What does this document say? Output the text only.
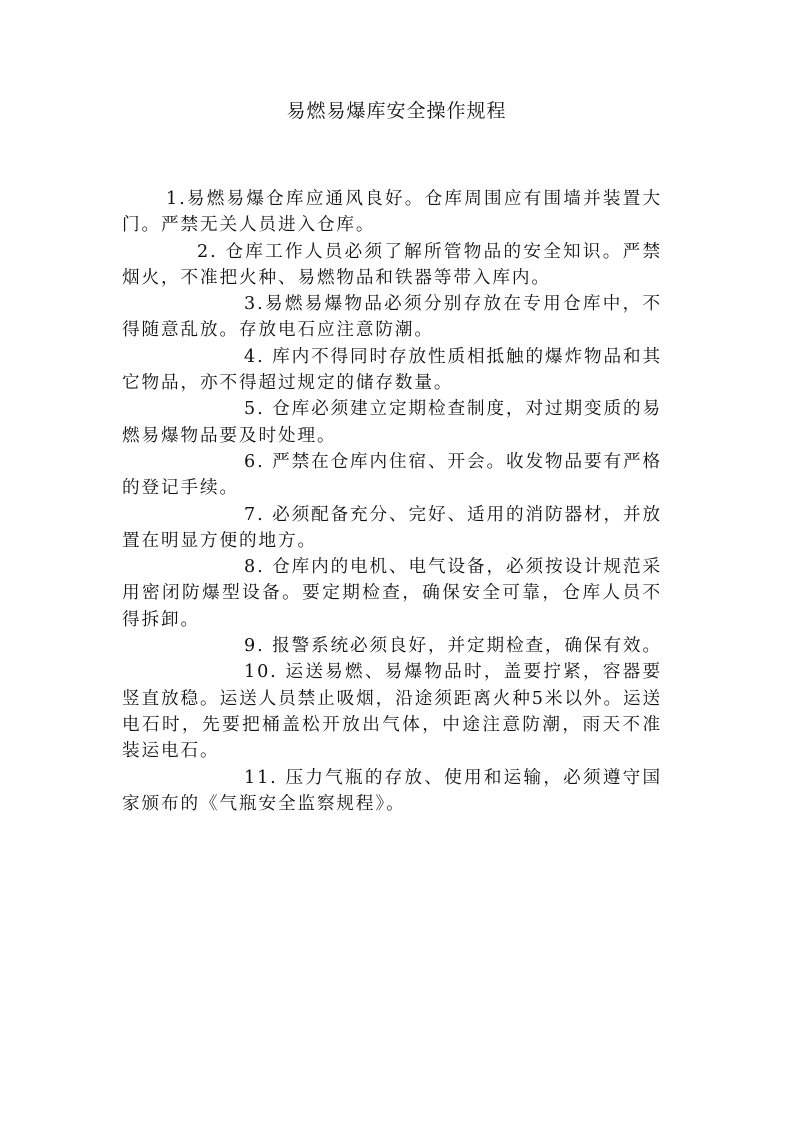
易燃易爆库安全操作规程

1.易燃易爆仓库应通风良好。仓库周围应有围墙并装置大门。严禁无关人员进入仓库。

2. 仓库工作人员必须了解所管物品的安全知识。严禁烟火，不准把火种、易燃物品和铁器等带入库内。

3.易燃易爆物品必须分别存放在专用仓库中，不得随意乱放。存放电石应注意防潮。

4. 库内不得同时存放性质相抵触的爆炸物品和其它物品，亦不得超过规定的储存数量。

5. 仓库必须建立定期检查制度，对过期变质的易燃易爆物品要及时处理。

6. 严禁在仓库内住宿、开会。收发物品要有严格的登记手续。

7. 必须配备充分、完好、适用的消防器材，并放置在明显方便的地方。

8. 仓库内的电机、电气设备，必须按设计规范采用密闭防爆型设备。要定期检查，确保安全可靠，仓库人员不得拆卸。

9. 报警系统必须良好，并定期检查，确保有效。

10. 运送易燃、易爆物品时，盖要拧紧，容器要竖直放稳。运送人员禁止吸烟，沿途须距离火种5米以外。运送电石时，先要把桶盖松开放出气体，中途注意防潮，雨天不准装运电石。

11. 压力气瓶的存放、使用和运输，必须遵守国家颁布的《气瓶安全监察规程》。
